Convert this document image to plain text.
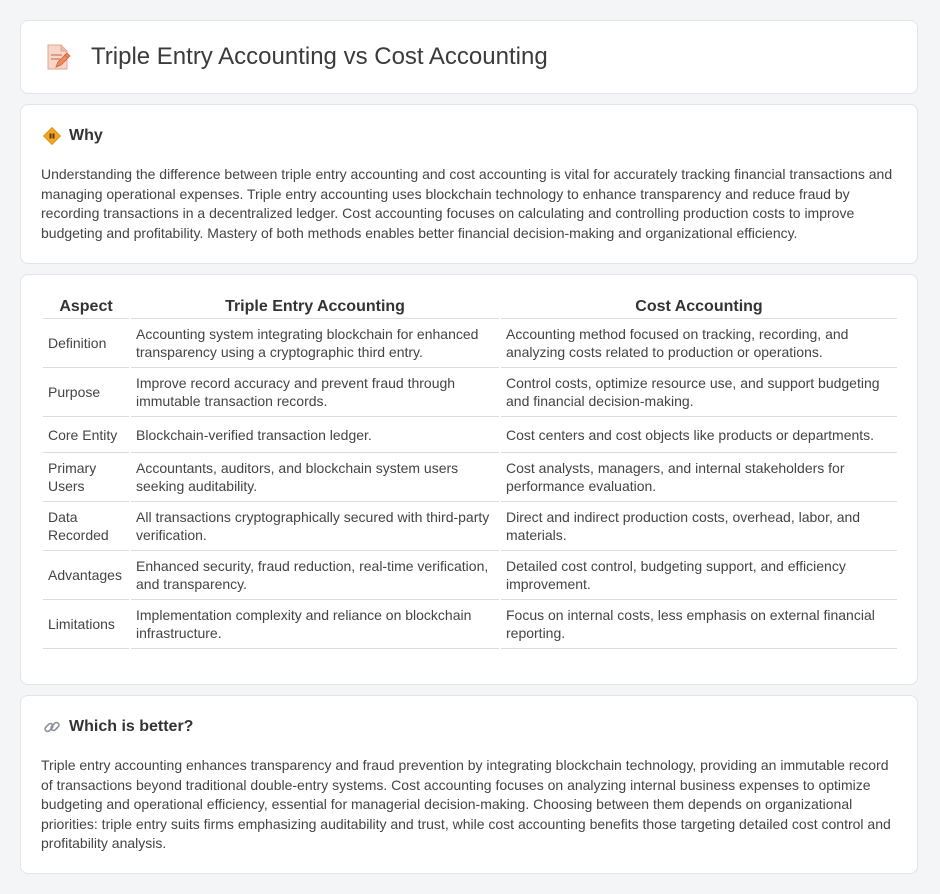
Triple Entry Accounting vs Cost Accounting
Why

Understanding the difference between triple entry accounting and cost accounting is vital for accurately tracking financial transactions and managing operational expenses. Triple entry accounting uses blockchain technology to enhance transparency and reduce fraud by recording transactions in a decentralized ledger. Cost accounting focuses on calculating and controlling production costs to improve budgeting and profitability. Mastery of both methods enables better financial decision-making and organizational efficiency.

Aspect	Triple Entry Accounting	Cost Accounting
Definition	Accounting system integrating blockchain for enhanced transparency using a cryptographic third entry.	Accounting method focused on tracking, recording, and analyzing costs related to production or operations.
Purpose	Improve record accuracy and prevent fraud through immutable transaction records.	Control costs, optimize resource use, and support budgeting and financial decision-making.
Core Entity	Blockchain-verified transaction ledger.	Cost centers and cost objects like products or departments.
Primary Users	Accountants, auditors, and blockchain system users seeking auditability.	Cost analysts, managers, and internal stakeholders for performance evaluation.
Data Recorded	All transactions cryptographically secured with third-party verification.	Direct and indirect production costs, overhead, labor, and materials.
Advantages	Enhanced security, fraud reduction, real-time verification, and transparency.	Detailed cost control, budgeting support, and efficiency improvement.
Limitations	Implementation complexity and reliance on blockchain infrastructure.	Focus on internal costs, less emphasis on external financial reporting.
Which is better?

Triple entry accounting enhances transparency and fraud prevention by integrating blockchain technology, providing an immutable record of transactions beyond traditional double-entry systems. Cost accounting focuses on analyzing internal business expenses to optimize budgeting and operational efficiency, essential for managerial decision-making. Choosing between them depends on organizational priorities: triple entry suits firms emphasizing auditability and trust, while cost accounting benefits those targeting detailed cost control and profitability analysis.
